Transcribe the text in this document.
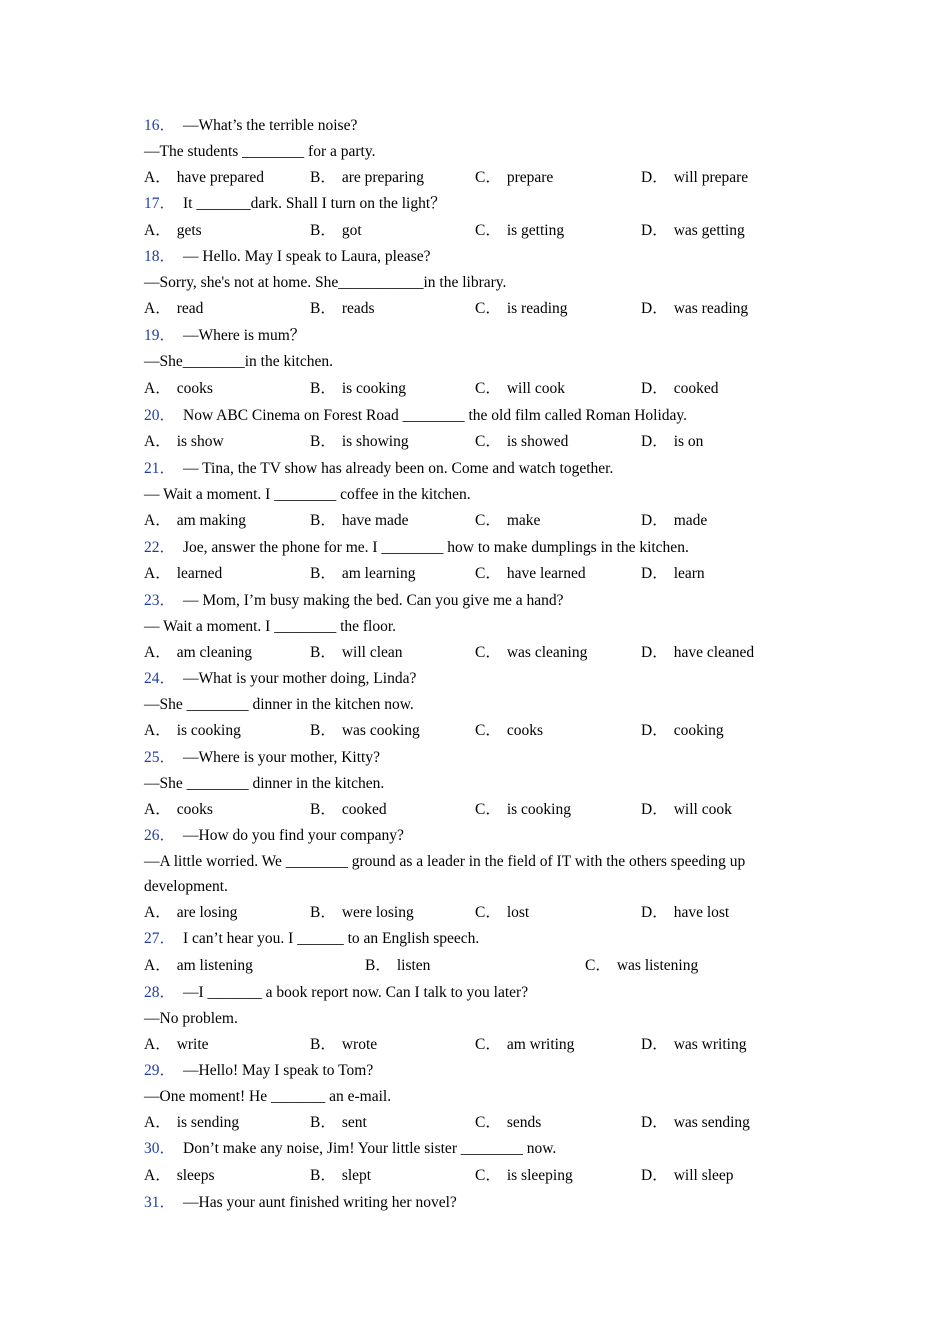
16． —What’s the terrible noise?
—The students ________ for a party.
A． have prepared	B． are preparing	C． prepare	D． will prepare
17． It _______dark. Shall I turn on the light？
A． gets	B． got	C． is getting	D． was getting
18． — Hello. May I speak to Laura, please?
—Sorry, she's not at home. She___________in the library.
A． read	B． reads	C． is reading	D． was reading
19． —Where is mum？
—She________in the kitchen.
A． cooks	B． is cooking	C． will cook	D． cooked
20． Now ABC Cinema on Forest Road ________ the old film called Roman Holiday.
A． is show	B． is showing	C． is showed	D． is on
21． — Tina, the TV show has already been on. Come and watch together.
— Wait a moment. I ________ coffee in the kitchen.
A． am making	B． have made	C． make	D． made
22． Joe, answer the phone for me. I ________ how to make dumplings in the kitchen.
A． learned	B． am learning	C． have learned	D． learn
23． — Mom, I’m busy making the bed. Can you give me a hand?
— Wait a moment. I ________ the floor.
A． am cleaning	B． will clean	C． was cleaning	D． have cleaned
24． —What is your mother doing, Linda?
—She ________ dinner in the kitchen now.
A． is cooking	B． was cooking	C． cooks	D． cooking
25． —Where is your mother, Kitty?
—She ________ dinner in the kitchen.
A． cooks	B． cooked	C． is cooking	D． will cook
26． —How do you find your company?
—A little worried. We ________ ground as a leader in the field of IT with the others speeding up development.
A． are losing	B． were losing	C． lost	D． have lost
27． I can’t hear you. I ______ to an English speech.
A． am listening	B． listen	C． was listening
28． —I _______ a book report now. Can I talk to you later?
—No problem.
A． write	B． wrote	C． am writing	D． was writing
29． —Hello! May I speak to Tom?
—One moment! He _______ an e-mail.
A． is sending	B． sent	C． sends	D． was sending
30． Don’t make any noise, Jim! Your little sister ________ now.
A． sleeps	B． slept	C． is sleeping	D． will sleep
31． —Has your aunt finished writing her novel?
